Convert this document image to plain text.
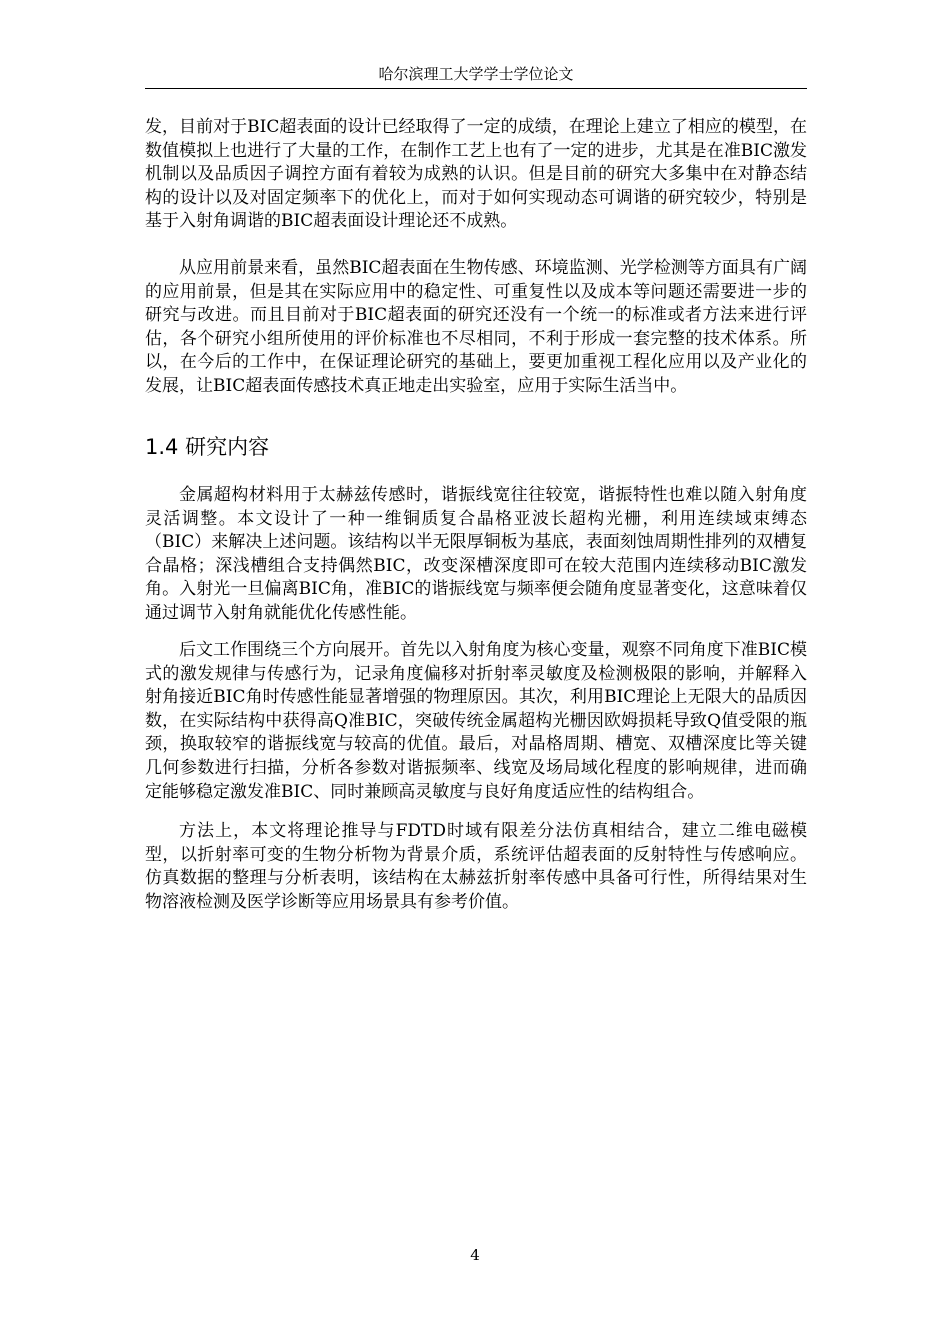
哈尔滨理工大学学士学位论文

发，目前对于BIC超表面的设计已经取得了一定的成绩，在理论上建立了相应的模型，在数值模拟上也进行了大量的工作，在制作工艺上也有了一定的进步，尤其是在准BIC激发机制以及品质因子调控方面有着较为成熟的认识。但是目前的研究大多集中在对静态结构的设计以及对固定频率下的优化上，而对于如何实现动态可调谐的研究较少，特别是基于入射角调谐的BIC超表面设计理论还不成熟。

从应用前景来看，虽然BIC超表面在生物传感、环境监测、光学检测等方面具有广阔的应用前景，但是其在实际应用中的稳定性、可重复性以及成本等问题还需要进一步的研究与改进。而且目前对于BIC超表面的研究还没有一个统一的标准或者方法来进行评估，各个研究小组所使用的评价标准也不尽相同，不利于形成一套完整的技术体系。所以，在今后的工作中，在保证理论研究的基础上，要更加重视工程化应用以及产业化的发展，让BIC超表面传感技术真正地走出实验室，应用于实际生活当中。

1.4 研究内容

金属超构材料用于太赫兹传感时，谐振线宽往往较宽，谐振特性也难以随入射角度灵活调整。本文设计了一种一维铜质复合晶格亚波长超构光栅，利用连续域束缚态（BIC）来解决上述问题。该结构以半无限厚铜板为基底，表面刻蚀周期性排列的双槽复合晶格；深浅槽组合支持偶然BIC，改变深槽深度即可在较大范围内连续移动BIC激发角。入射光一旦偏离BIC角，准BIC的谐振线宽与频率便会随角度显著变化，这意味着仅通过调节入射角就能优化传感性能。

后文工作围绕三个方向展开。首先以入射角度为核心变量，观察不同角度下准BIC模式的激发规律与传感行为，记录角度偏移对折射率灵敏度及检测极限的影响，并解释入射角接近BIC角时传感性能显著增强的物理原因。其次，利用BIC理论上无限大的品质因数，在实际结构中获得高Q准BIC，突破传统金属超构光栅因欧姆损耗导致Q值受限的瓶颈，换取较窄的谐振线宽与较高的优值。最后，对晶格周期、槽宽、双槽深度比等关键几何参数进行扫描，分析各参数对谐振频率、线宽及场局域化程度的影响规律，进而确定能够稳定激发准BIC、同时兼顾高灵敏度与良好角度适应性的结构组合。

方法上，本文将理论推导与FDTD时域有限差分法仿真相结合，建立二维电磁模型，以折射率可变的生物分析物为背景介质，系统评估超表面的反射特性与传感响应。仿真数据的整理与分析表明，该结构在太赫兹折射率传感中具备可行性，所得结果对生物溶液检测及医学诊断等应用场景具有参考价值。

4
